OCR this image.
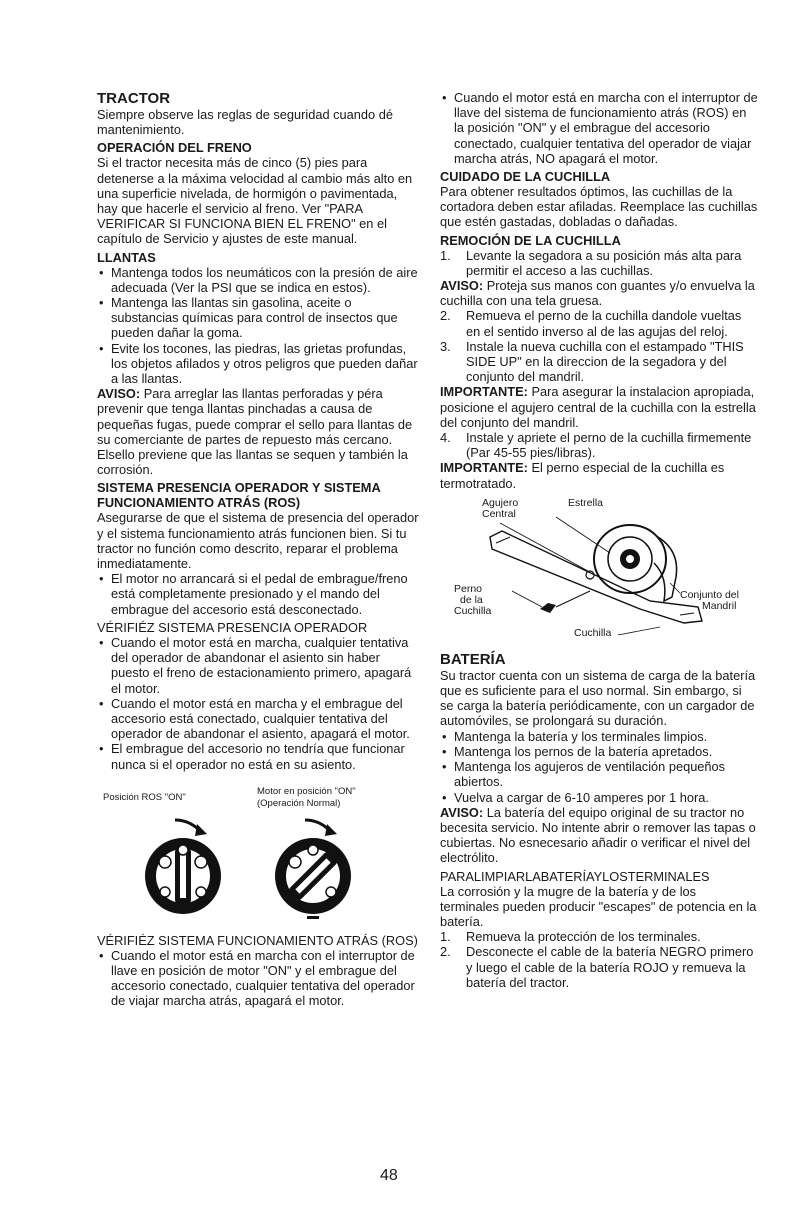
TRACTOR

Siempre observe las reglas de seguridad cuando dé mantenimiento.

OPERACIÓN DEL FRENO

Si el tractor necesita más de cinco (5) pies para detenerse a la máxima velocidad al cambio más alto en una superficie nivelada, de hormigón o pavimentada, hay que hacerle el servicio al freno. Ver "PARA VERIFICAR SI FUNCIONA BIEN EL FRENO" en el capítulo de Servicio y ajustes de este manual.

LLANTAS
• Mantenga todos los neumáticos con la presión de aire adecuada (Ver la PSI que se indica en estos).
• Mantenga las llantas sin gasolina, aceite o substancias químicas para control de insectos que pueden dañar la goma.
• Evite los tocones, las piedras, las grietas profundas, los objetos afilados y otros peligros que pueden dañar a las llantas.

AVISO: Para arreglar las llantas perforadas y péra prevenir que tenga llantas pinchadas a causa de pequeñas fugas, puede comprar el sello para llantas de su comerciante de partes de repuesto más cercano. Elsello previene que las llantas se sequen y también la corrosión.

SISTEMA PRESENCIA OPERADOR Y SISTEMA FUNCIONAMIENTO ATRÁS (ROS)

Asegurarse de que el sistema de presencia del operador y el sistema funcionamiento atrás funcionen bien. Si tu tractor no función como descrito, reparar el problema inmediatamente.

• El motor no arrancará si el pedal de embrague/freno está completamente presionado y el mando del embrague del accesorio está desconectado.
VÉRIFIÉZ SISTEMA PRESENCIA OPERADOR
• Cuando el motor está en marcha, cualquier tentativa del operador de abandonar el asiento sin haber puesto el freno de estacionamiento primero, apagará el motor.
• Cuando el motor está en marcha y el embrague del accesorio está conectado, cualquier tentativa del operador de abandonar el asiento, apagará el motor.
• El embrague del accesorio no tendría que funcionar nunca si el operador no está en su asiento.
Posición ROS "ON"
Motor en posición "ON"
(Operación Normal)
VÉRIFIÉZ SISTEMA FUNCIONAMIENTO ATRÁS (ROS)
• Cuando el motor está en marcha con el interruptor de llave en posición de motor "ON" y el embrague del accesorio conectado, cualquier tentativa del operador de viajar marcha atrás, apagará el motor.
• Cuando el motor está en marcha con el interruptor de llave del sistema de funcionamiento atrás (ROS) en la posición "ON" y el embrague del accesorio conectado, cualquier tentativa del operador de viajar marcha atrás, NO apagará el motor.
CUIDADO DE LA CUCHILLA

Para obtener resultados óptimos, las cuchillas de la cortadora deben estar afiladas. Reemplace las cuchillas que estén gastadas, dobladas o dañadas.

REMOCIÓN DE LA CUCHILLA
1. Levante la segadora a su posición más alta para permitir el acceso a las cuchillas.

AVISO: Proteja sus manos con guantes y/o envuelva la cuchilla con una tela gruesa.

2. Remueva el perno de la cuchilla dandole vueltas en el sentido inverso al de las agujas del reloj.
3. Instale la nueva cuchilla con el estampado "THIS SIDE UP" en la direccion de la segadora y del conjunto del mandril.

IMPORTANTE: Para asegurar la instalacion apropiada, posicione el agujero central de la cuchilla con la estrella del conjunto del mandril.

4. Instale y apriete el perno de la cuchilla firmemente (Par 45-55 pies/libras).

IMPORTANTE: El perno especial de la cuchilla es termotratado.

Agujero
Central
Estrella
Perno
de la
Cuchilla
Conjunto del
Mandril
Cuchilla
BATERÍA

Su tractor cuenta con un sistema de carga de la batería que es suficiente para el uso normal. Sin embargo, si se carga la batería periódicamente, con un cargador de automóviles, se prolongará su duración.

• Mantenga la batería y los terminales limpios.
• Mantenga los pernos de la batería apretados.
• Mantenga los agujeros de ventilación pequeños abiertos.
• Vuelva a cargar de 6-10 amperes por 1 hora.

AVISO: La batería del equipo original de su tractor no becesita servicio. No intente abrir o remover las tapas o cubiertas. No esnecesario añadir o verificar el nivel del electrólito.

PARALIMPIARLABATERÍAYLOSTERMINALES

La corrosión y la mugre de la batería y de los terminales pueden producir "escapes" de potencia en la batería.

1. Remueva la protección de los terminales.
2. Desconecte el cable de la batería NEGRO primero y luego el cable de la batería ROJO y remueva la batería del tractor.
48
